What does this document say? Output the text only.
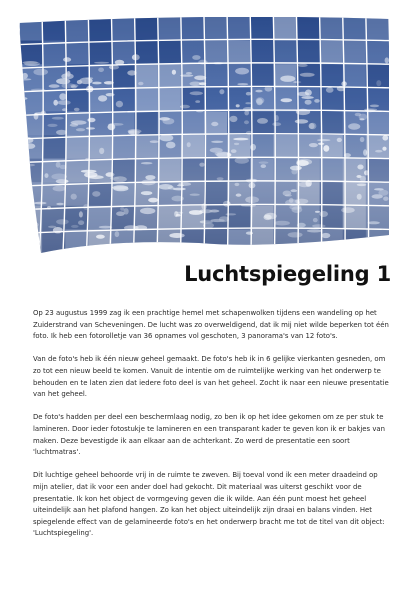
Luchtspiegeling 1

Op 23 augustus 1999 zag ik een prachtige hemel met schapenwolken tijdens een wandeling op het Zuiderstrand van Scheveningen. De lucht was zo overweldigend, dat ik mij niet wilde beperken tot één foto. Ik heb een fotorolletje van 36 opnames vol geschoten, 3 panorama's van 12 foto's.

Van de foto's heb ik één nieuw geheel gemaakt. De foto's heb ik in 6 gelijke vierkanten gesneden, om zo tot een nieuw beeld te komen. Vanuit de intentie om de ruimtelijke werking van het onderwerp te behouden en te laten zien dat iedere foto deel is van het geheel. Zocht ik naar een nieuwe presentatie van het geheel.

De foto's hadden per deel een beschermlaag nodig, zo ben ik op het idee gekomen om ze per stuk te lamineren. Door ieder fotostukje te lamineren en een transparant kader te geven kon ik er bakjes van maken. Deze bevestigde ik aan elkaar aan de achterkant. Zo werd de presentatie een soort 'luchtmatras'.

Dit luchtige geheel behoorde vrij in de ruimte te zweven. Bij toeval vond ik een meter draadeind op mijn atelier, dat ik voor een ander doel had gekocht. Dit materiaal was uiterst geschikt voor de presentatie. Ik kon het object de vormgeving geven die ik wilde. Aan één punt moest het geheel uiteindelijk aan het plafond hangen. Zo kan het object uiteindelijk zijn draai en balans vinden. Het spiegelende effect van de gelamineerde foto's en het onderwerp bracht me tot de titel van dit object: 'Luchtspiegeling'.
